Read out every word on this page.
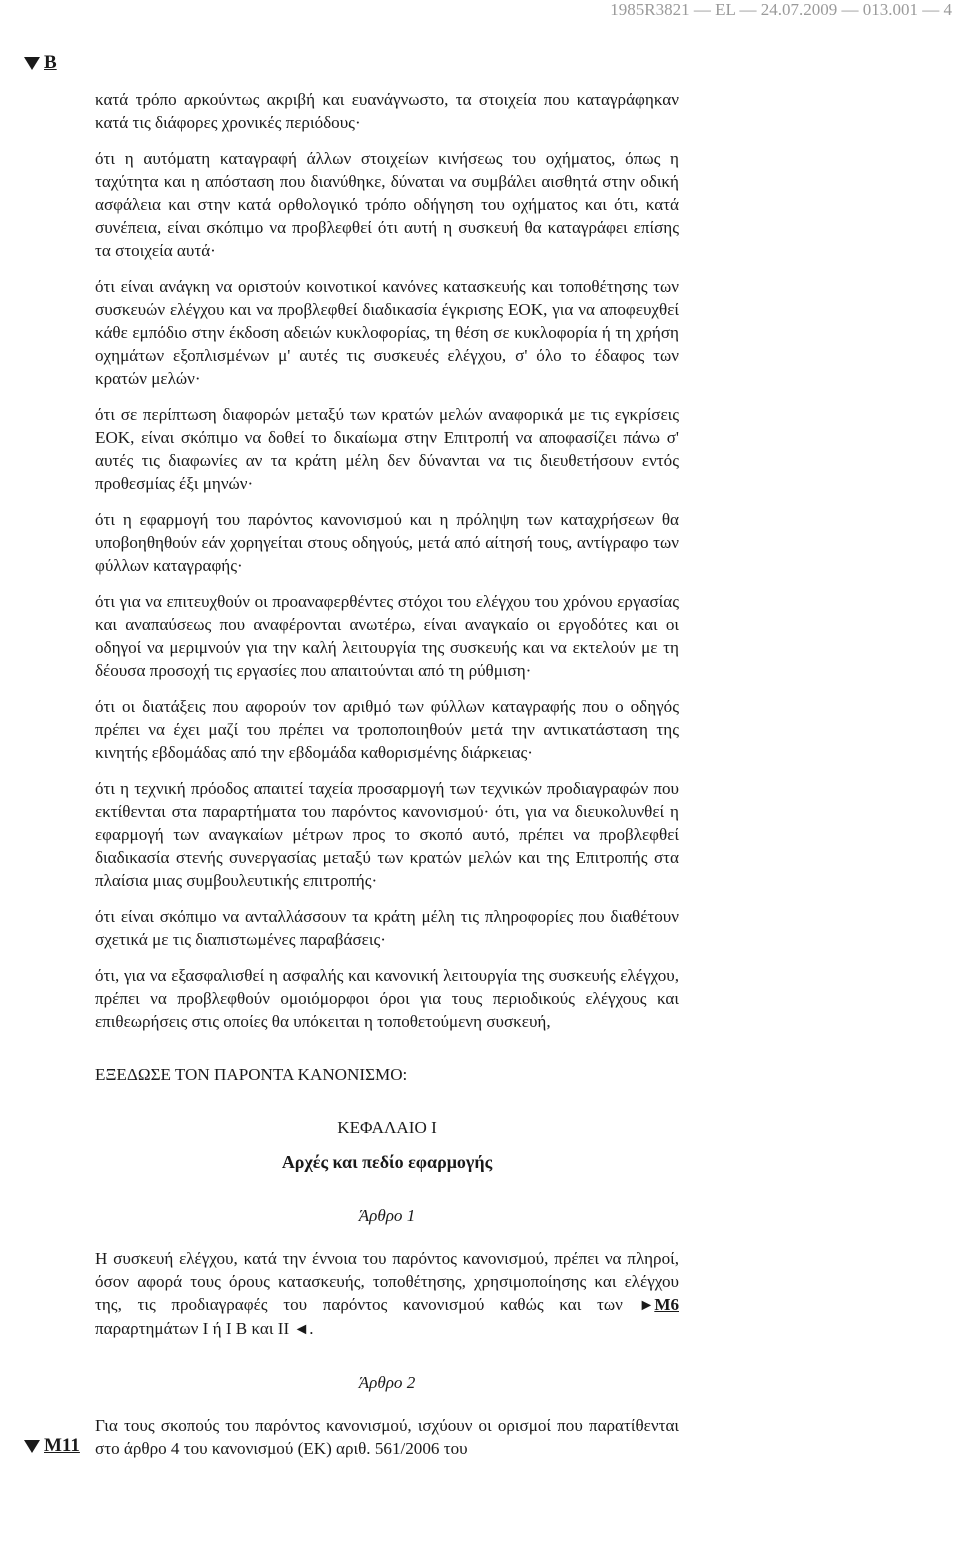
1985R3821 — EL — 24.07.2009 — 013.001 — 4
B
M11

κατά τρόπο αρκούντως ακριβή και ευανάγνωστο, τα στοιχεία που καταγράφηκαν κατά τις διάφορες χρονικές περιόδους·

ότι η αυτόματη καταγραφή άλλων στοιχείων κινήσεως του οχήματος, όπως η ταχύτητα και η απόσταση που διανύθηκε, δύναται να συμβάλει αισθητά στην οδική ασφάλεια και στην κατά ορθολογικό τρόπο οδήγηση του οχήματος και ότι, κατά συνέπεια, είναι σκόπιμο να προβλεφθεί ότι αυτή η συσκευή θα καταγράφει επίσης τα στοιχεία αυτά·

ότι είναι ανάγκη να οριστούν κοινοτικοί κανόνες κατασκευής και τοποθέτησης των συσκευών ελέγχου και να προβλεφθεί διαδικασία έγκρισης ΕΟΚ, για να αποφευχθεί κάθε εμπόδιο στην έκδοση αδειών κυκλοφορίας, τη θέση σε κυκλοφορία ή τη χρήση οχημάτων εξοπλισμένων μ' αυτές τις συσκευές ελέγχου, σ' όλο το έδαφος των κρατών μελών·

ότι σε περίπτωση διαφορών μεταξύ των κρατών μελών αναφορικά με τις εγκρίσεις ΕΟΚ, είναι σκόπιμο να δοθεί το δικαίωμα στην Επιτροπή να αποφασίζει πάνω σ' αυτές τις διαφωνίες αν τα κράτη μέλη δεν δύνανται να τις διευθετήσουν εντός προθεσμίας έξι μηνών·

ότι η εφαρμογή του παρόντος κανονισμού και η πρόληψη των καταχρήσεων θα υποβοηθηθούν εάν χορηγείται στους οδηγούς, μετά από αίτησή τους, αντίγραφο των φύλλων καταγραφής·

ότι για να επιτευχθούν οι προαναφερθέντες στόχοι του ελέγχου του χρόνου εργασίας και αναπαύσεως που αναφέρονται ανωτέρω, είναι αναγκαίο οι εργοδότες και οι οδηγοί να μεριμνούν για την καλή λειτουργία της συσκευής και να εκτελούν με τη δέουσα προσοχή τις εργασίες που απαιτούνται από τη ρύθμιση·

ότι οι διατάξεις που αφορούν τον αριθμό των φύλλων καταγραφής που ο οδηγός πρέπει να έχει μαζί του πρέπει να τροποποιηθούν μετά την αντικατάσταση της κινητής εβδομάδας από την εβδομάδα καθορισμένης διάρκειας·

ότι η τεχνική πρόοδος απαιτεί ταχεία προσαρμογή των τεχνικών προδιαγραφών που εκτίθενται στα παραρτήματα του παρόντος κανονισμού· ότι, για να διευκολυνθεί η εφαρμογή των αναγκαίων μέτρων προς το σκοπό αυτό, πρέπει να προβλεφθεί διαδικασία στενής συνεργασίας μεταξύ των κρατών μελών και της Επιτροπής στα πλαίσια μιας συμβουλευτικής επιτροπής·

ότι είναι σκόπιμο να ανταλλάσσουν τα κράτη μέλη τις πληροφορίες που διαθέτουν σχετικά με τις διαπιστωμένες παραβάσεις·

ότι, για να εξασφαλισθεί η ασφαλής και κανονική λειτουργία της συσκευής ελέγχου, πρέπει να προβλεφθούν ομοιόμορφοι όροι για τους περιοδικούς ελέγχους και επιθεωρήσεις στις οποίες θα υπόκειται η τοποθετούμενη συσκευή,

ΕΞΕΔΩΣΕ ΤΟΝ ΠΑΡΟΝΤΑ ΚΑΝΟΝΙΣΜΟ:

ΚΕΦΑΛΑΙΟ I

Αρχές και πεδίο εφαρμογής

Άρθρο 1

Η συσκευή ελέγχου, κατά την έννοια του παρόντος κανονισμού, πρέπει να πληροί, όσον αφορά τους όρους κατασκευής, τοποθέτησης, χρησιμοποίησης και ελέγχου της, τις προδιαγραφές του παρόντος κανονισμού καθώς και των ►M6 παραρτημάτων I ή I B και II ◄.

Άρθρο 2

Για τους σκοπούς του παρόντος κανονισμού, ισχύουν οι ορισμοί που παρατίθενται στο άρθρο 4 του κανονισμού (ΕΚ) αριθ. 561/2006 του
